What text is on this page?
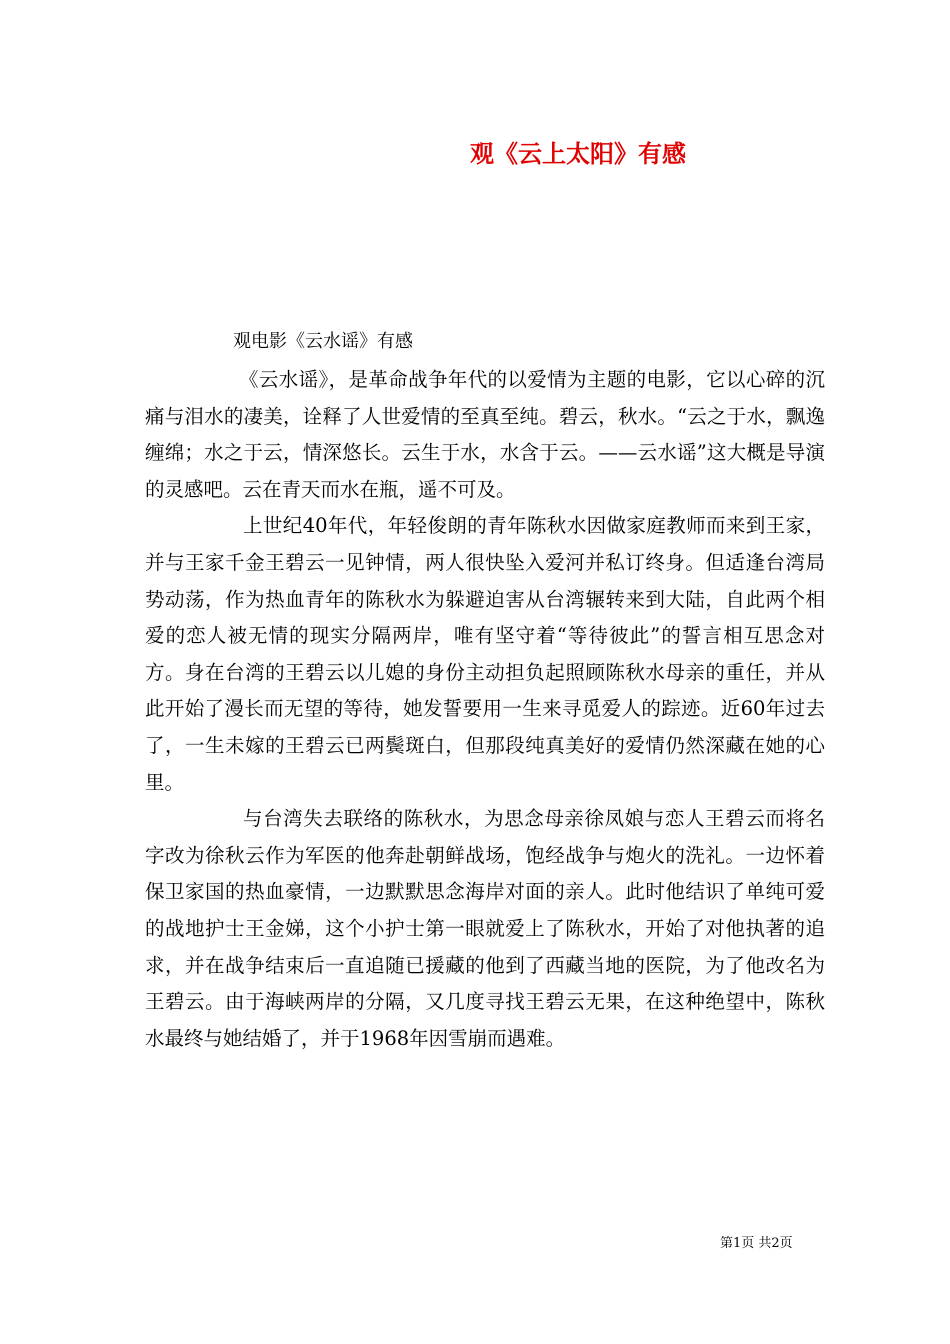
观《云上太阳》有感
观电影《云水谣》有感

《云水谣》，是革命战争年代的以爱情为主题的电影，它以心碎的沉痛与泪水的凄美，诠释了人世爱情的至真至纯。碧云，秋水。“云之于水，飘逸缠绵；水之于云，情深悠长。云生于水，水含于云。——云水谣”这大概是导演的灵感吧。云在青天而水在瓶，遥不可及。

上世纪40年代，年轻俊朗的青年陈秋水因做家庭教师而来到王家，并与王家千金王碧云一见钟情，两人很快坠入爱河并私订终身。但适逢台湾局势动荡，作为热血青年的陈秋水为躲避迫害从台湾辗转来到大陆，自此两个相爱的恋人被无情的现实分隔两岸，唯有坚守着“等待彼此”的誓言相互思念对方。身在台湾的王碧云以儿媳的身份主动担负起照顾陈秋水母亲的重任，并从此开始了漫长而无望的等待，她发誓要用一生来寻觅爱人的踪迹。近60年过去了，一生未嫁的王碧云已两鬓斑白，但那段纯真美好的爱情仍然深藏在她的心里。

与台湾失去联络的陈秋水，为思念母亲徐凤娘与恋人王碧云而将名字改为徐秋云作为军医的他奔赴朝鲜战场，饱经战争与炮火的洗礼。一边怀着保卫家国的热血豪情，一边默默思念海岸对面的亲人。此时他结识了单纯可爱的战地护士王金娣，这个小护士第一眼就爱上了陈秋水，开始了对他执著的追求，并在战争结束后一直追随已援藏的他到了西藏当地的医院，为了他改名为王碧云。由于海峡两岸的分隔，又几度寻找王碧云无果，在这种绝望中，陈秋水最终与她结婚了，并于1968年因雪崩而遇难。

第1页 共2页
